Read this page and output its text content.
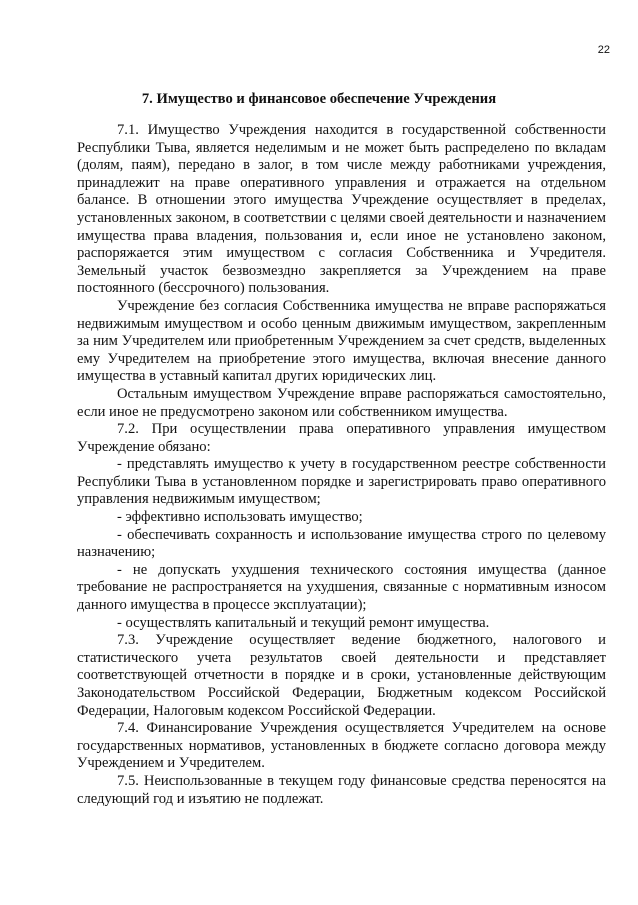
22
7. Имущество и финансовое обеспечение Учреждения

7.1. Имущество Учреждения находится в государственной собственности Республики Тыва, является неделимым и не может быть распределено по вкладам (долям, паям), передано в залог, в том числе между работниками учреждения, принадлежит на праве оперативного управления и отражается на отдельном балансе. В отношении этого имущества Учреждение осуществляет в пределах, установленных законом, в соответствии с целями своей деятельности и назначением имущества права владения, пользования и, если иное не установлено законом, распоряжается этим имуществом с согласия Собственника и Учредителя. Земельный участок безвозмездно закрепляется за Учреждением на праве постоянного (бессрочного) пользования.

Учреждение без согласия Собственника имущества не вправе распоряжаться недвижимым имуществом и особо ценным движимым имуществом, закрепленным за ним Учредителем или приобретенным Учреждением за счет средств, выделенных ему Учредителем на приобретение этого имущества, включая внесение данного имущества в уставный капитал других юридических лиц.

Остальным имуществом Учреждение вправе распоряжаться самостоятельно, если иное не предусмотрено законом или собственником имущества.

7.2. При осуществлении права оперативного управления имуществом Учреждение обязано:

- представлять имущество к учету в государственном реестре собственности Республики Тыва в установленном порядке и зарегистрировать право оперативного управления недвижимым имуществом;

- эффективно использовать имущество;

- обеспечивать сохранность и использование имущества строго по целевому назначению;

- не допускать ухудшения технического состояния имущества (данное требование не распространяется на ухудшения, связанные с нормативным износом данного имущества в процессе эксплуатации);

- осуществлять капитальный и текущий ремонт имущества.

7.3. Учреждение осуществляет ведение бюджетного, налогового и статистического учета результатов своей деятельности и представляет соответствующей отчетности в порядке и в сроки, установленные действующим Законодательством Российской Федерации, Бюджетным кодексом Российской Федерации, Налоговым кодексом Российской Федерации.

7.4. Финансирование Учреждения осуществляется Учредителем на основе государственных нормативов, установленных в бюджете согласно договора между Учреждением и Учредителем.

7.5. Неиспользованные в текущем году финансовые средства переносятся на следующий год и изъятию не подлежат.
